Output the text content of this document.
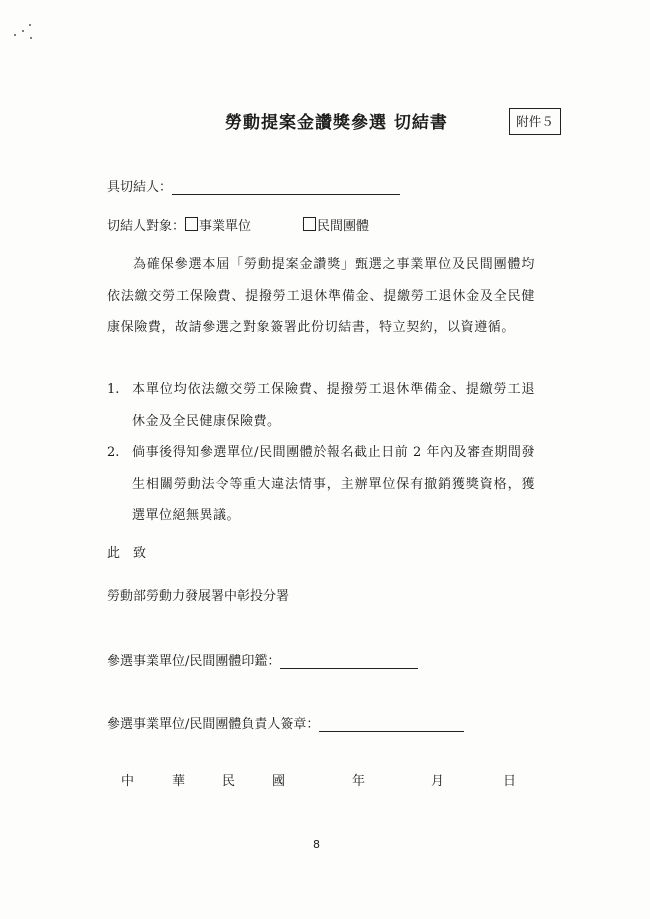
勞動提案金讚獎參選 切結書	附件５
具切結人：
切結人對象： 事業單位	民間團體
為確保參選本屆「勞動提案金讚獎」甄選之事業單位及民間團體均依法繳交勞工保險費、提撥勞工退休準備金、提繳勞工退休金及全民健康保險費，故請參選之對象簽署此份切結書，特立契約，以資遵循。
1. 本單位均依法繳交勞工保險費、提撥勞工退休準備金、提繳勞工退休金及全民健康保險費。
2. 倘事後得知參選單位/民間團體於報名截止日前 2 年內及審查期間發生相關勞動法令等重大違法情事，主辦單位保有撤銷獲獎資格，獲選單位絕無異議。
此　致
勞動部勞動力發展署中彰投分署
參選事業單位/民間團體印鑑：
參選事業單位/民間團體負責人簽章：
中	華	民	國	年	月	日
8
